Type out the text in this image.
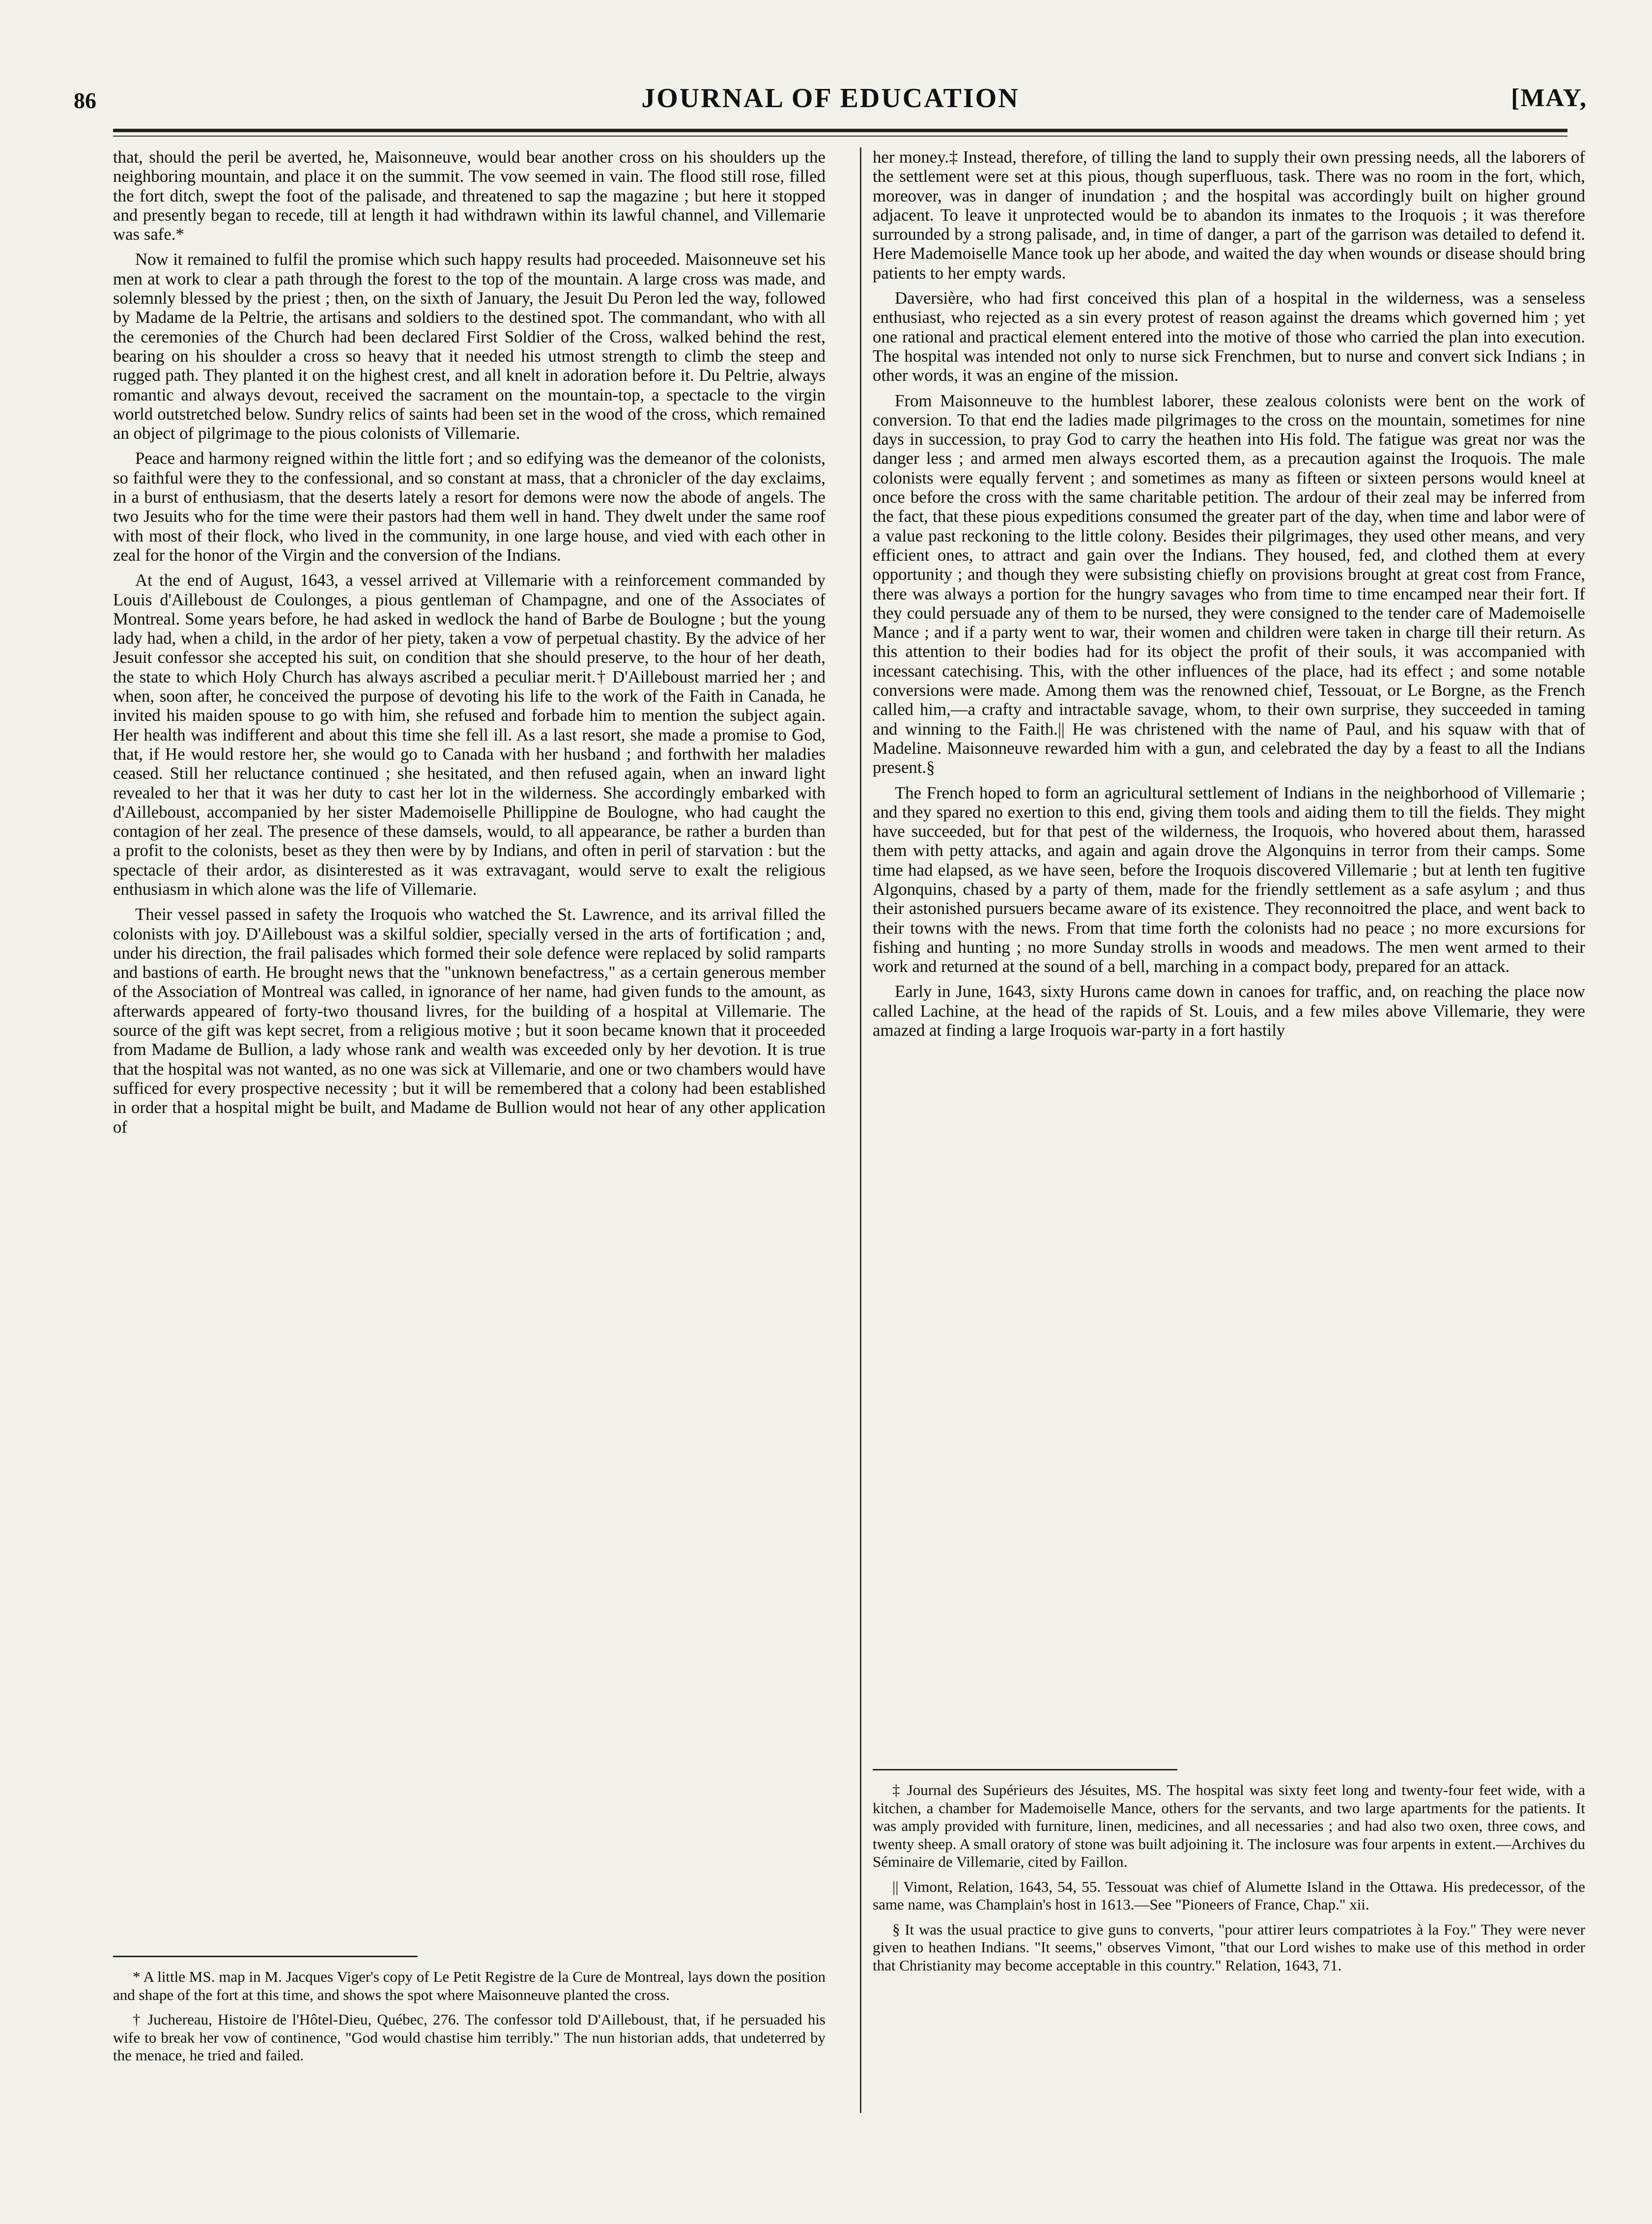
86	JOURNAL OF EDUCATION	[MAY,

that, should the peril be averted, he, Maisonneuve, would bear another cross on his shoulders up the neighboring mountain, and place it on the summit. The vow seemed in vain. The flood still rose, filled the fort ditch, swept the foot of the palisade, and threatened to sap the magazine ; but here it stopped and presently began to recede, till at length it had withdrawn within its lawful channel, and Villemarie was safe.*

Now it remained to fulfil the promise which such happy results had proceeded. Maisonneuve set his men at work to clear a path through the forest to the top of the mountain. A large cross was made, and solemnly blessed by the priest ; then, on the sixth of January, the Jesuit Du Peron led the way, followed by Madame de la Peltrie, the artisans and soldiers to the destined spot. The commandant, who with all the ceremonies of the Church had been declared First Soldier of the Cross, walked behind the rest, bearing on his shoulder a cross so heavy that it needed his utmost strength to climb the steep and rugged path. They planted it on the highest crest, and all knelt in adoration before it. Du Peltrie, always romantic and always devout, received the sacrament on the mountain-top, a spectacle to the virgin world outstretched below. Sundry relics of saints had been set in the wood of the cross, which remained an object of pilgrimage to the pious colonists of Villemarie.

Peace and harmony reigned within the little fort ; and so edifying was the demeanor of the colonists, so faithful were they to the confessional, and so constant at mass, that a chronicler of the day exclaims, in a burst of enthusiasm, that the deserts lately a resort for demons were now the abode of angels. The two Jesuits who for the time were their pastors had them well in hand. They dwelt under the same roof with most of their flock, who lived in the community, in one large house, and vied with each other in zeal for the honor of the Virgin and the conversion of the Indians.

At the end of August, 1643, a vessel arrived at Villemarie with a reinforcement commanded by Louis d'Ailleboust de Coulonges, a pious gentleman of Champagne, and one of the Associates of Montreal. Some years before, he had asked in wedlock the hand of Barbe de Boulogne ; but the young lady had, when a child, in the ardor of her piety, taken a vow of perpetual chastity. By the advice of her Jesuit confessor she accepted his suit, on condition that she should preserve, to the hour of her death, the state to which Holy Church has always ascribed a peculiar merit.† D'Ailleboust married her ; and when, soon after, he conceived the purpose of devoting his life to the work of the Faith in Canada, he invited his maiden spouse to go with him, she refused and forbade him to mention the subject again. Her health was indifferent and about this time she fell ill. As a last resort, she made a promise to God, that, if He would restore her, she would go to Canada with her husband ; and forthwith her maladies ceased. Still her reluctance continued ; she hesitated, and then refused again, when an inward light revealed to her that it was her duty to cast her lot in the wilderness. She accordingly embarked with d'Ailleboust, accompanied by her sister Mademoiselle Phillippine de Boulogne, who had caught the contagion of her zeal. The presence of these damsels, would, to all appearance, be rather a burden than a profit to the colonists, beset as they then were by by Indians, and often in peril of starvation : but the spectacle of their ardor, as disinterested as it was extravagant, would serve to exalt the religious enthusiasm in which alone was the life of Villemarie.

Their vessel passed in safety the Iroquois who watched the St. Lawrence, and its arrival filled the colonists with joy. D'Ailleboust was a skilful soldier, specially versed in the arts of fortification ; and, under his direction, the frail palisades which formed their sole defence were replaced by solid ramparts and bastions of earth. He brought news that the "unknown benefactress," as a certain generous member of the Association of Montreal was called, in ignorance of her name, had given funds to the amount, as afterwards appeared of forty-two thousand livres, for the building of a hospital at Villemarie. The source of the gift was kept secret, from a religious motive ; but it soon became known that it proceeded from Madame de Bullion, a lady whose rank and wealth was exceeded only by her devotion. It is true that the hospital was not wanted, as no one was sick at Villemarie, and one or two chambers would have sufficed for every prospective necessity ; but it will be remembered that a colony had been established in order that a hospital might be built, and Madame de Bullion would not hear of any other application of

* A little MS. map in M. Jacques Viger's copy of Le Petit Registre de la Cure de Montreal, lays down the position and shape of the fort at this time, and shows the spot where Maisonneuve planted the cross.

† Juchereau, Histoire de l'Hôtel-Dieu, Québec, 276. The confessor told D'Ailleboust, that, if he persuaded his wife to break her vow of continence, "God would chastise him terribly." The nun historian adds, that undeterred by the menace, he tried and failed.

her money.‡ Instead, therefore, of tilling the land to supply their own pressing needs, all the laborers of the settlement were set at this pious, though superfluous, task. There was no room in the fort, which, moreover, was in danger of inundation ; and the hospital was accordingly built on higher ground adjacent. To leave it unprotected would be to abandon its inmates to the Iroquois ; it was therefore surrounded by a strong palisade, and, in time of danger, a part of the garrison was detailed to defend it. Here Mademoiselle Mance took up her abode, and waited the day when wounds or disease should bring patients to her empty wards.

Daversière, who had first conceived this plan of a hospital in the wilderness, was a senseless enthusiast, who rejected as a sin every protest of reason against the dreams which governed him ; yet one rational and practical element entered into the motive of those who carried the plan into execution. The hospital was intended not only to nurse sick Frenchmen, but to nurse and convert sick Indians ; in other words, it was an engine of the mission.

From Maisonneuve to the humblest laborer, these zealous colonists were bent on the work of conversion. To that end the ladies made pilgrimages to the cross on the mountain, sometimes for nine days in succession, to pray God to carry the heathen into His fold. The fatigue was great nor was the danger less ; and armed men always escorted them, as a precaution against the Iroquois. The male colonists were equally fervent ; and sometimes as many as fifteen or sixteen persons would kneel at once before the cross with the same charitable petition. The ardour of their zeal may be inferred from the fact, that these pious expeditions consumed the greater part of the day, when time and labor were of a value past reckoning to the little colony. Besides their pilgrimages, they used other means, and very efficient ones, to attract and gain over the Indians. They housed, fed, and clothed them at every opportunity ; and though they were subsisting chiefly on provisions brought at great cost from France, there was always a portion for the hungry savages who from time to time encamped near their fort. If they could persuade any of them to be nursed, they were consigned to the tender care of Mademoiselle Mance ; and if a party went to war, their women and children were taken in charge till their return. As this attention to their bodies had for its object the profit of their souls, it was accompanied with incessant catechising. This, with the other influences of the place, had its effect ; and some notable conversions were made. Among them was the renowned chief, Tessouat, or Le Borgne, as the French called him,—a crafty and intractable savage, whom, to their own surprise, they succeeded in taming and winning to the Faith.|| He was christened with the name of Paul, and his squaw with that of Madeline. Maisonneuve rewarded him with a gun, and celebrated the day by a feast to all the Indians present.§

The French hoped to form an agricultural settlement of Indians in the neighborhood of Villemarie ; and they spared no exertion to this end, giving them tools and aiding them to till the fields. They might have succeeded, but for that pest of the wilderness, the Iroquois, who hovered about them, harassed them with petty attacks, and again and again drove the Algonquins in terror from their camps. Some time had elapsed, as we have seen, before the Iroquois discovered Villemarie ; but at lenth ten fugitive Algonquins, chased by a party of them, made for the friendly settlement as a safe asylum ; and thus their astonished pursuers became aware of its existence. They reconnoitred the place, and went back to their towns with the news. From that time forth the colonists had no peace ; no more excursions for fishing and hunting ; no more Sunday strolls in woods and meadows. The men went armed to their work and returned at the sound of a bell, marching in a compact body, prepared for an attack.

Early in June, 1643, sixty Hurons came down in canoes for traffic, and, on reaching the place now called Lachine, at the head of the rapids of St. Louis, and a few miles above Villemarie, they were amazed at finding a large Iroquois war-party in a fort hastily

‡ Journal des Supérieurs des Jésuites, MS. The hospital was sixty feet long and twenty-four feet wide, with a kitchen, a chamber for Mademoiselle Mance, others for the servants, and two large apartments for the patients. It was amply provided with furniture, linen, medicines, and all necessaries ; and had also two oxen, three cows, and twenty sheep. A small oratory of stone was built adjoining it. The inclosure was four arpents in extent.—Archives du Séminaire de Villemarie, cited by Faillon.

|| Vimont, Relation, 1643, 54, 55. Tessouat was chief of Alumette Island in the Ottawa. His predecessor, of the same name, was Champlain's host in 1613.—See "Pioneers of France, Chap." xii.

§ It was the usual practice to give guns to converts, "pour attirer leurs compatriotes à la Foy." They were never given to heathen Indians. "It seems," observes Vimont, "that our Lord wishes to make use of this method in order that Christianity may become acceptable in this country." Relation, 1643, 71.
